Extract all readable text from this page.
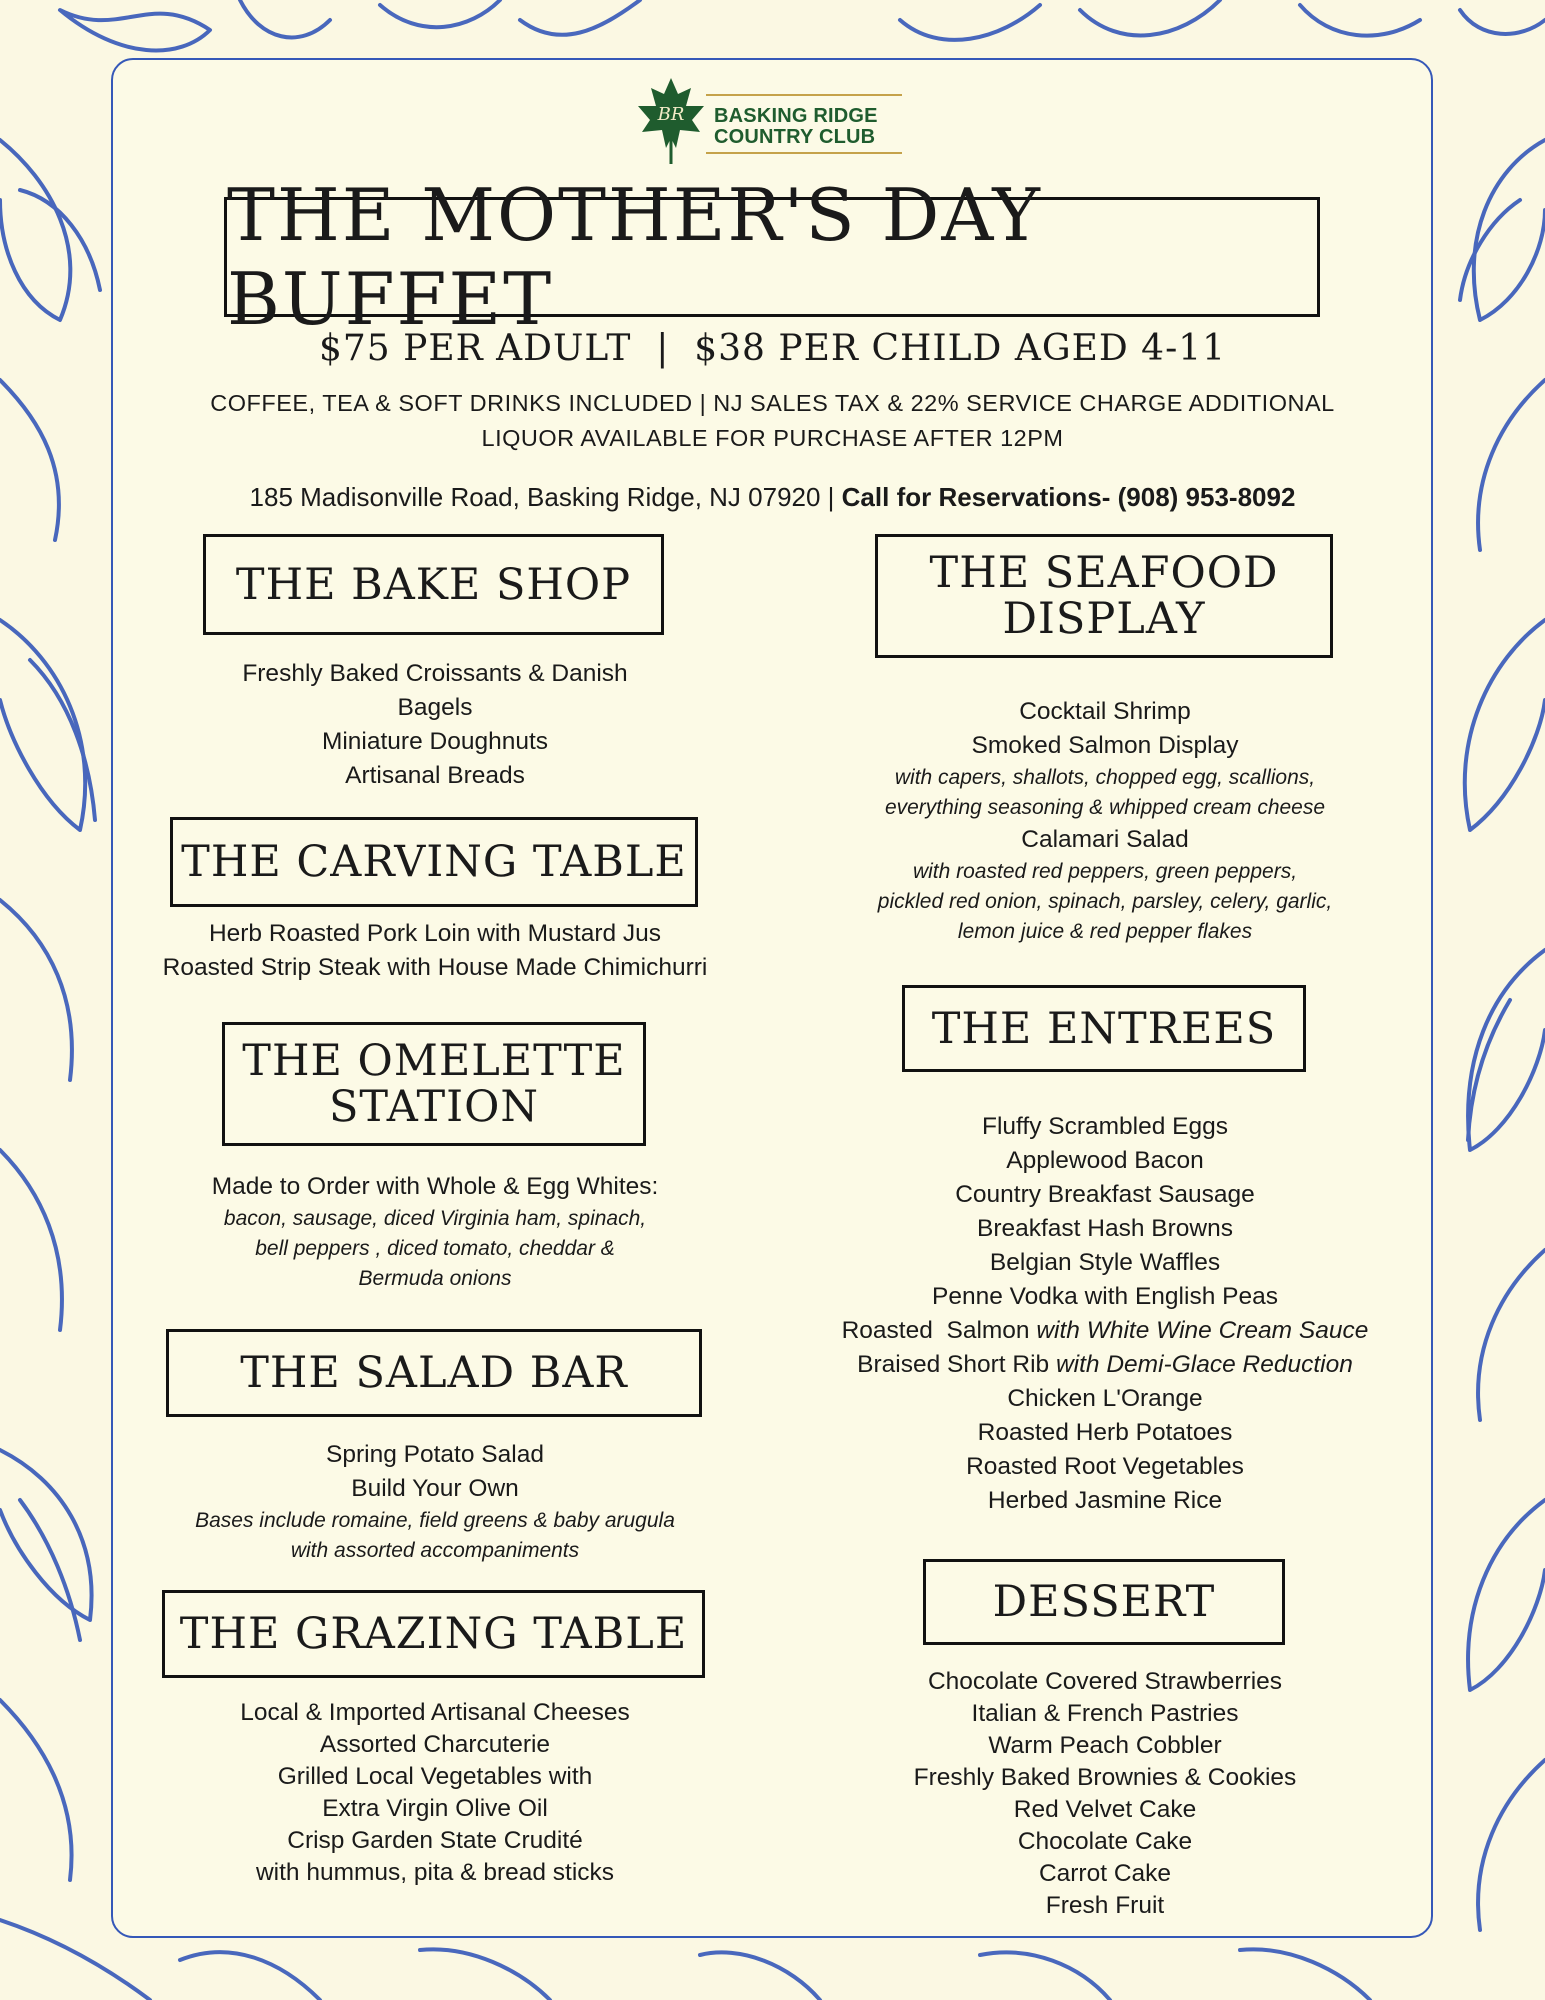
BR BASKING RIDGE
COUNTRY CLUB
THE MOTHER'S DAY BUFFET
$75 PER ADULT  |  $38 PER CHILD AGED 4-11
COFFEE, TEA & SOFT DRINKS INCLUDED | NJ SALES TAX & 22% SERVICE CHARGE ADDITIONAL
LIQUOR AVAILABLE FOR PURCHASE AFTER 12PM
185 Madisonville Road, Basking Ridge, NJ 07920 | Call for Reservations- (908) 953-8092
THE BAKE SHOP
Freshly Baked Croissants & Danish
Bagels
Miniature Doughnuts
Artisanal Breads
THE CARVING TABLE
Herb Roasted Pork Loin with Mustard Jus
Roasted Strip Steak with House Made Chimichurri
THE OMELETTE
STATION
Made to Order with Whole & Egg Whites:
bacon, sausage, diced Virginia ham, spinach,
bell peppers , diced tomato, cheddar &
Bermuda onions
THE SALAD BAR
Spring Potato Salad
Build Your Own
Bases include romaine, field greens & baby arugula
with assorted accompaniments
THE GRAZING TABLE
Local & Imported Artisanal Cheeses
Assorted Charcuterie
Grilled Local Vegetables with
Extra Virgin Olive Oil
Crisp Garden State Crudité
with hummus, pita & bread sticks
THE SEAFOOD
DISPLAY
Cocktail Shrimp
Smoked Salmon Display
with capers, shallots, chopped egg, scallions,
everything seasoning & whipped cream cheese
Calamari Salad
with roasted red peppers, green peppers,
pickled red onion, spinach, parsley, celery, garlic,
lemon juice & red pepper flakes
THE ENTREES
Fluffy Scrambled Eggs
Applewood Bacon
Country Breakfast Sausage
Breakfast Hash Browns
Belgian Style Waffles
Penne Vodka with English Peas
Roasted  Salmon with White Wine Cream Sauce
Braised Short Rib with Demi-Glace Reduction
Chicken L'Orange
Roasted Herb Potatoes
Roasted Root Vegetables
Herbed Jasmine Rice
DESSERT
Chocolate Covered Strawberries
Italian & French Pastries
Warm Peach Cobbler
Freshly Baked Brownies & Cookies
Red Velvet Cake
Chocolate Cake
Carrot Cake
Fresh Fruit
